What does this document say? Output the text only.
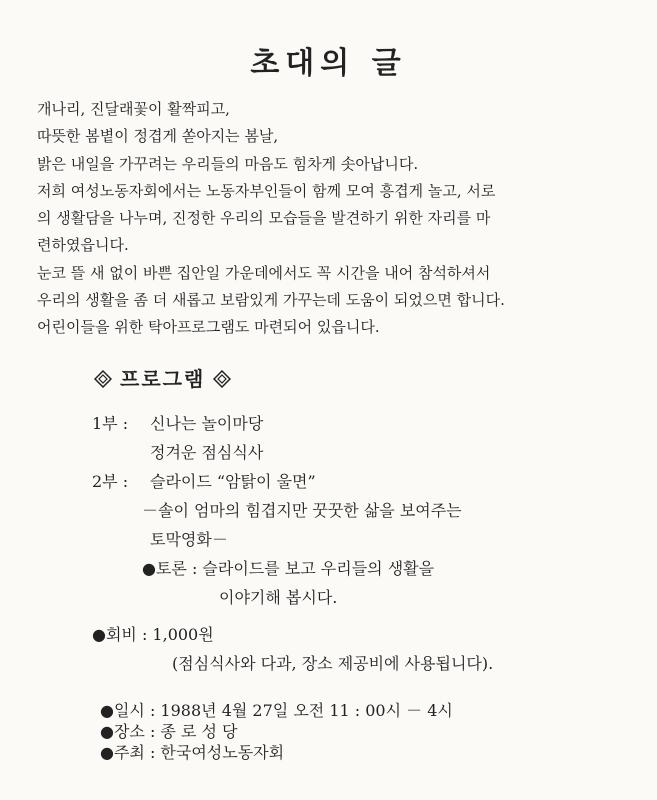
초대의 글
개나리, 진달래꽃이 활짝피고,
따뜻한 봄볕이 정겹게 쏟아지는 봄날,
밝은 내일을 가꾸려는 우리들의 마음도 힘차게 솟아납니다.
저희 여성노동자회에서는 노동자부인들이 함께 모여 흥겹게 놀고, 서로
의 생활담을 나누며, 진정한 우리의 모습들을 발견하기 위한 자리를 마
련하였읍니다.
눈코 뜰 새 없이 바쁜 집안일 가운데에서도 꼭 시간을 내어 참석하셔서
우리의 생활을 좀 더 새롭고 보람있게 가꾸는데 도움이 되었으면 합니다.
어린이들을 위한 탁아프로그램도 마련되어 있읍니다.
프로그램
1부 : 신나는 놀이마당
정겨운 점심식사
2부 : 슬라이드 “암탉이 울면”
－솔이 엄마의 힘겹지만 꿋꿋한 삶을 보여주는
토막영화－
●토론 : 슬라이드를 보고 우리들의 생활을
이야기해 봅시다.
●회비 : 1,000원
(점심식사와 다과, 장소 제공비에 사용됩니다).
●일시 : 1988년 4월 27일 오전 11 : 00시 － 4시
●장소 : 종 로 성 당
●주최 : 한국여성노동자회
